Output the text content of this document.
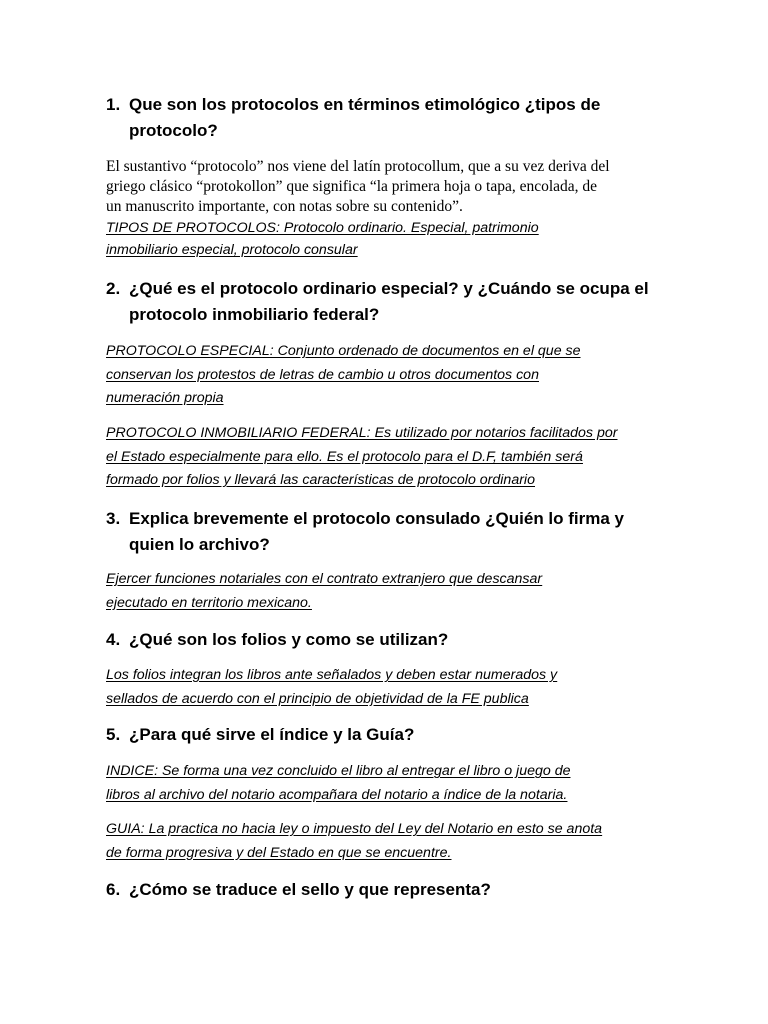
1. Que son los protocolos en términos etimológico ¿tipos de
protocolo?
El sustantivo “protocolo” nos viene del latín protocollum, que a su vez deriva del
griego clásico “protokollon” que significa “la primera hoja o tapa, encolada, de
un manuscrito importante, con notas sobre su contenido”.
TIPOS DE PROTOCOLOS: Protocolo ordinario. Especial, patrimonio
inmobiliario especial, protocolo consular
2. ¿Qué es el protocolo ordinario especial? y ¿Cuándo se ocupa el
protocolo inmobiliario federal?
PROTOCOLO ESPECIAL: Conjunto ordenado de documentos en el que se
conservan los protestos de letras de cambio u otros documentos con
numeración propia
PROTOCOLO INMOBILIARIO FEDERAL: Es utilizado por notarios facilitados por
el Estado especialmente para ello. Es el protocolo para el D.F, también será
formado por folios y llevará las características de protocolo ordinario
3. Explica brevemente el protocolo consulado ¿Quién lo firma y
quien lo archivo?
Ejercer funciones notariales con el contrato extranjero que descansar
ejecutado en territorio mexicano.
4. ¿Qué son los folios y como se utilizan?
Los folios integran los libros ante señalados y deben estar numerados y
sellados de acuerdo con el principio de objetividad de la FE publica
5. ¿Para qué sirve el índice y la Guía?
INDICE: Se forma una vez concluido el libro al entregar el libro o juego de
libros al archivo del notario acompañara del notario a índice de la notaria.
GUIA: La practica no hacia ley o impuesto del Ley del Notario en esto se anota
de forma progresiva y del Estado en que se encuentre.
6. ¿Cómo se traduce el sello y que representa?
